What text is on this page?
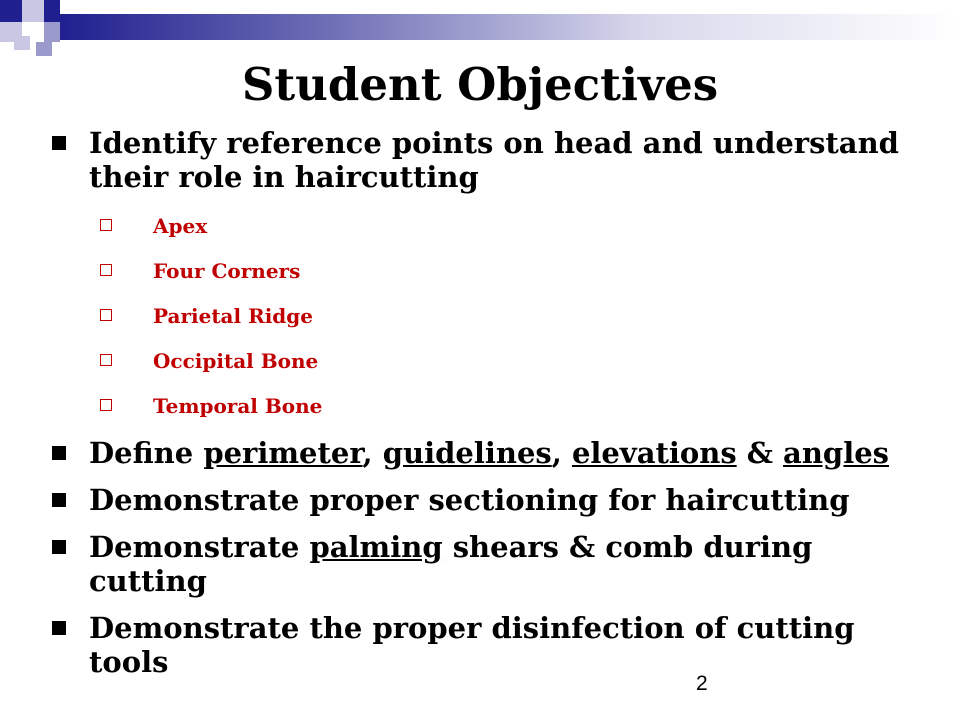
Student Objectives
Identify reference points on head and understand their role in haircutting
Apex
Four Corners
Parietal Ridge
Occipital Bone
Temporal Bone
Define perimeter, guidelines, elevations & angles
Demonstrate proper sectioning for haircutting
Demonstrate palming shears & comb during cutting
Demonstrate the proper disinfection of cutting tools
2
